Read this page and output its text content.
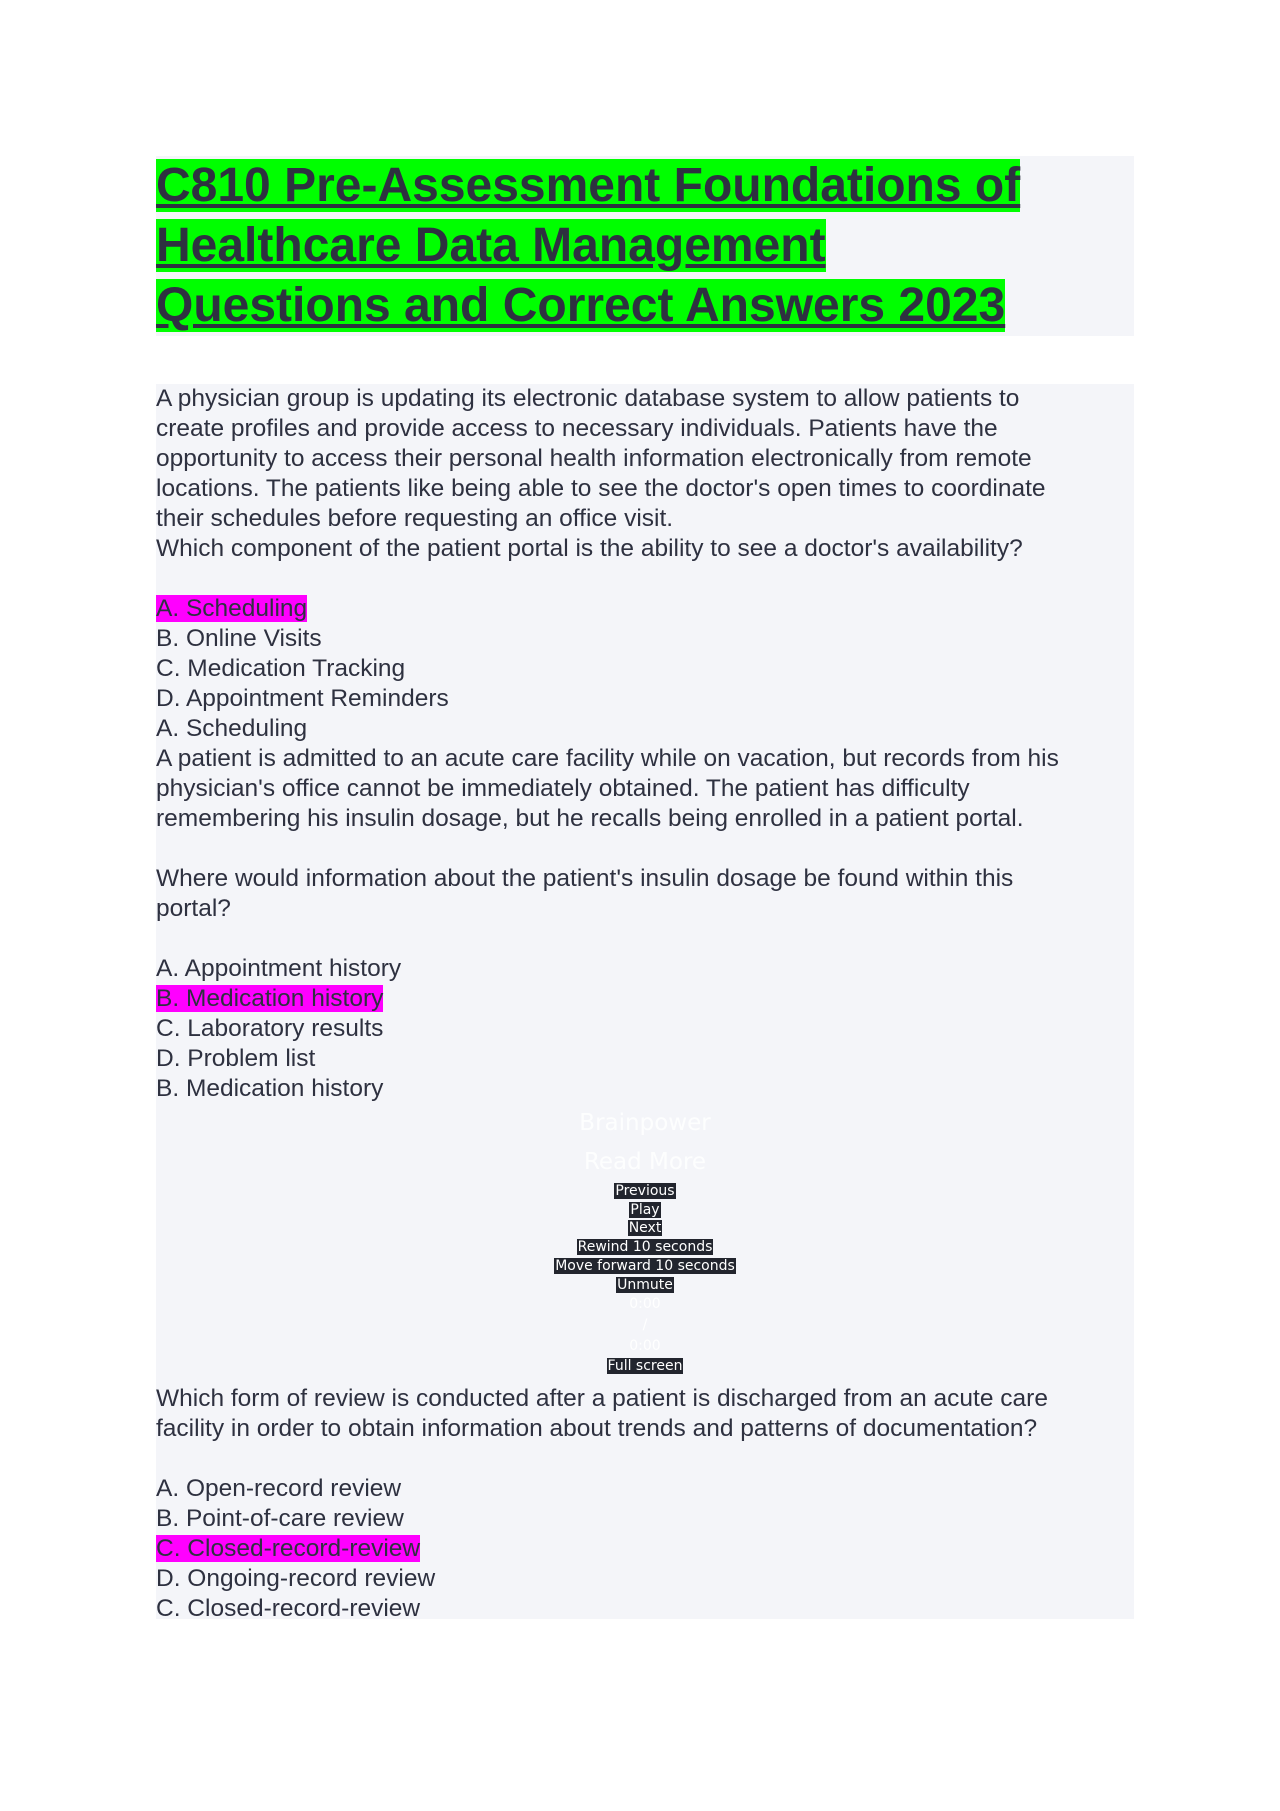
C810 Pre-Assessment Foundations of
Healthcare Data Management
Questions and Correct Answers 2023
A physician group is updating its electronic database system to allow patients to
create profiles and provide access to necessary individuals. Patients have the
opportunity to access their personal health information electronically from remote
locations. The patients like being able to see the doctor's open times to coordinate
their schedules before requesting an office visit.
Which component of the patient portal is the ability to see a doctor's availability?
A. Scheduling
B. Online Visits
C. Medication Tracking
D. Appointment Reminders
A. Scheduling
A patient is admitted to an acute care facility while on vacation, but records from his
physician's office cannot be immediately obtained. The patient has difficulty
remembering his insulin dosage, but he recalls being enrolled in a patient portal.
Where would information about the patient's insulin dosage be found within this
portal?
A. Appointment history
B. Medication history
C. Laboratory results
D. Problem list
B. Medication history
Brainpower
Read More
Previous
Play
Next
Rewind 10 seconds
Move forward 10 seconds
Unmute
0:00
/
0:00
Full screen
Which form of review is conducted after a patient is discharged from an acute care
facility in order to obtain information about trends and patterns of documentation?
A. Open-record review
B. Point-of-care review
C. Closed-record-review
D. Ongoing-record review
C. Closed-record-review
